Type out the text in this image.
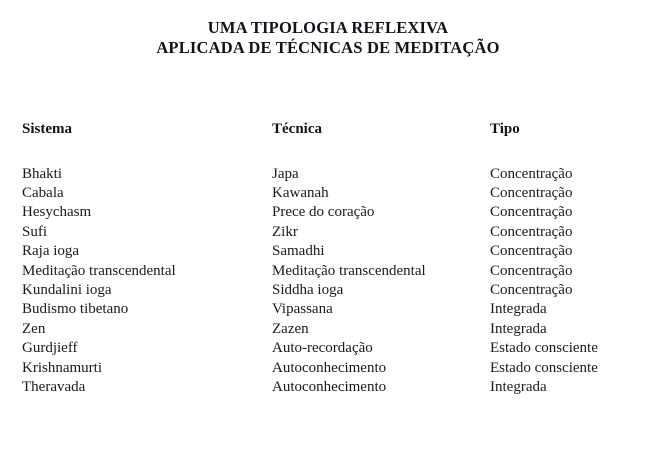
UMA TIPOLOGIA REFLEXIVA
APLICADA DE TÉCNICAS DE MEDITAÇÃO
Sistema	Técnica	Tipo

Bhakti	Japa	Concentração
Cabala	Kawanah	Concentração
Hesychasm	Prece do coração	Concentração
Sufi	Zikr	Concentração
Raja ioga	Samadhi	Concentração
Meditação transcendental	Meditação transcendental	Concentração
Kundalini ioga	Siddha ioga	Concentração
Budismo tibetano	Vipassana	Integrada
Zen	Zazen	Integrada
Gurdjieff	Auto-recordação	Estado consciente
Krishnamurti	Autoconhecimento	Estado consciente
Theravada	Autoconhecimento	Integrada
